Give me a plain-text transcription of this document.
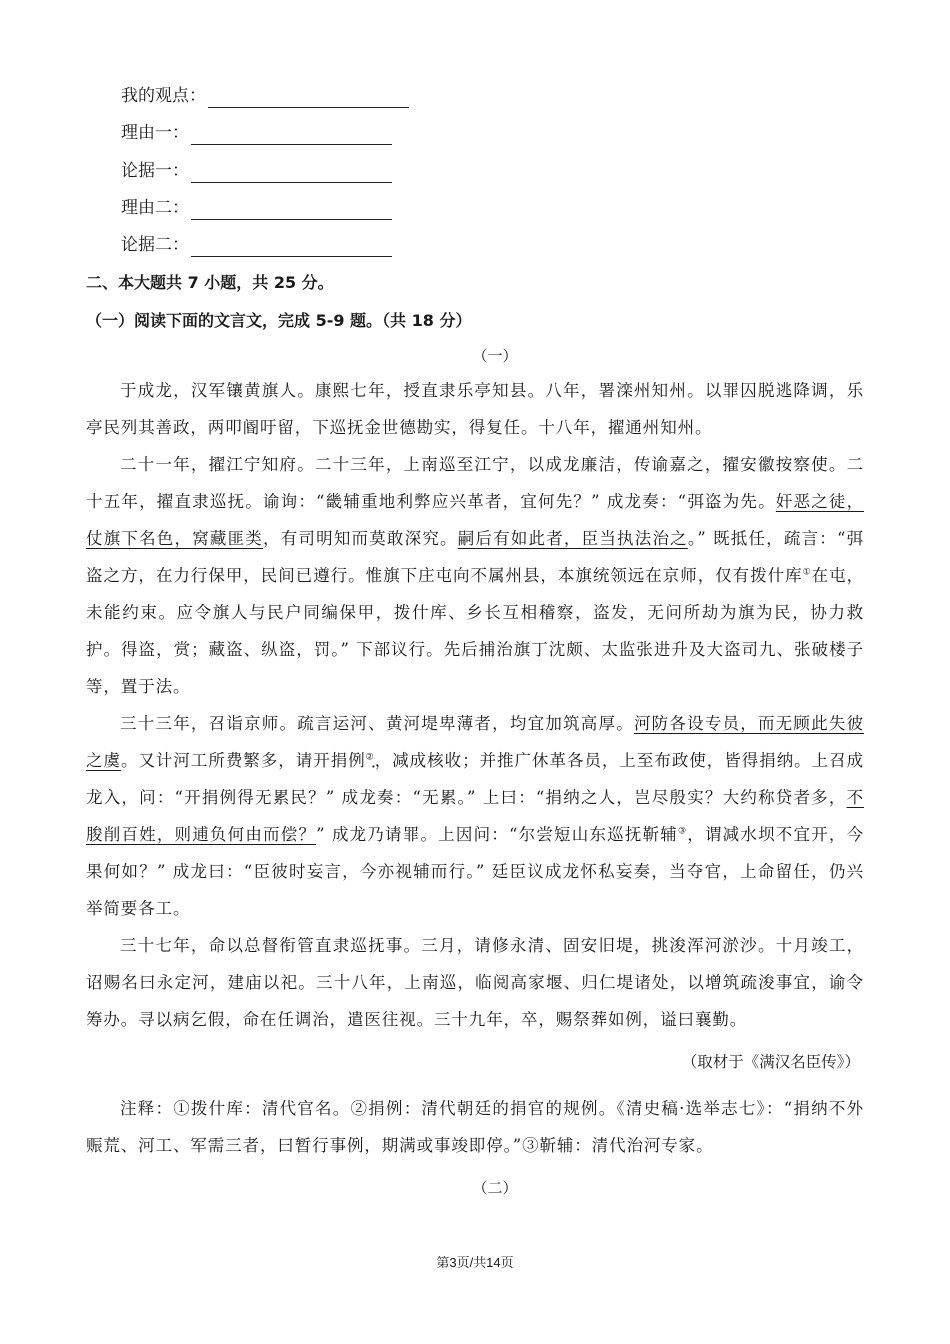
我的观点：
理由一：
论据一：
理由二：
论据二：
二、本大题共 7 小题，共 25 分。
（一）阅读下面的文言文，完成 5-9 题。（共 18 分）
（一）

于成龙，汉军镶黄旗人。康熙七年，授直隶乐亭知县。八年，署滦州知州。以罪囚脱逃降调，乐亭民列其善政，两叩阍吁留，下巡抚金世德勘实，得复任。十八年，擢通州知州。

二十一年，擢江宁知府。二十三年，上南巡至江宁，以成龙廉洁，传谕嘉之，擢安徽按察使。二十五年，擢直隶巡抚。谕询：“畿辅重地利弊应兴革者，宜何先？” 成龙奏：“弭盗为先。奸恶之徒，仗旗下名色，窝藏匪类，有司明知而莫敢深究。嗣后有如此者，臣当执法治之。” 既抵任，疏言：“弭盗之方，在力行保甲，民间已遵行。惟旗下庄屯向不属州县，本旗统领远在京师，仅有拨什库①在屯，未能约束。应令旗人与民户同编保甲，拨什库、乡长互相稽察，盗发，无问所劫为旗为民，协力救护。得盗，赏；藏盗、纵盗，罚。” 下部议行。先后捕治旗丁沈颇、太监张进升及大盗司九、张破楼子等，置于法。

三十三年，召诣京师。疏言运河、黄河堤卑薄者，均宜加筑高厚。河防各设专员，而无顾此失彼之虞。又计河工所费繁多，请开捐例②，减成核收；并推广休革各员，上至布政使，皆得捐纳。上召成龙入，问：“开捐例得无累民？” 成龙奏：“无累。” 上曰：“捐纳之人，岂尽殷实？大约称贷者多，不朘削百姓，则逋负何由而偿？” 成龙乃请罪。上因问：“尔尝短山东巡抚靳辅③，谓减水坝不宜开，今果何如？” 成龙曰：“臣彼时妄言，今亦视辅而行。” 廷臣议成龙怀私妄奏，当夺官，上命留任，仍兴举简要各工。

三十七年，命以总督衔管直隶巡抚事。三月，请修永清、固安旧堤，挑浚浑河淤沙。十月竣工，诏赐名曰永定河，建庙以祀。三十八年，上南巡，临阅高家堰、归仁堤诸处，以增筑疏浚事宜，谕令筹办。寻以病乞假，命在任调治，遣医往视。三十九年，卒，赐祭葬如例，谥曰襄勤。

（取材于《满汉名臣传》）
注释：①拨什库：清代官名。②捐例：清代朝廷的捐官的规例。《清史稿·选举志七》：“捐纳不外赈荒、河工、军需三者，曰暂行事例，期满或事竣即停。”③靳辅：清代治河专家。
（二）
第3页/共14页
